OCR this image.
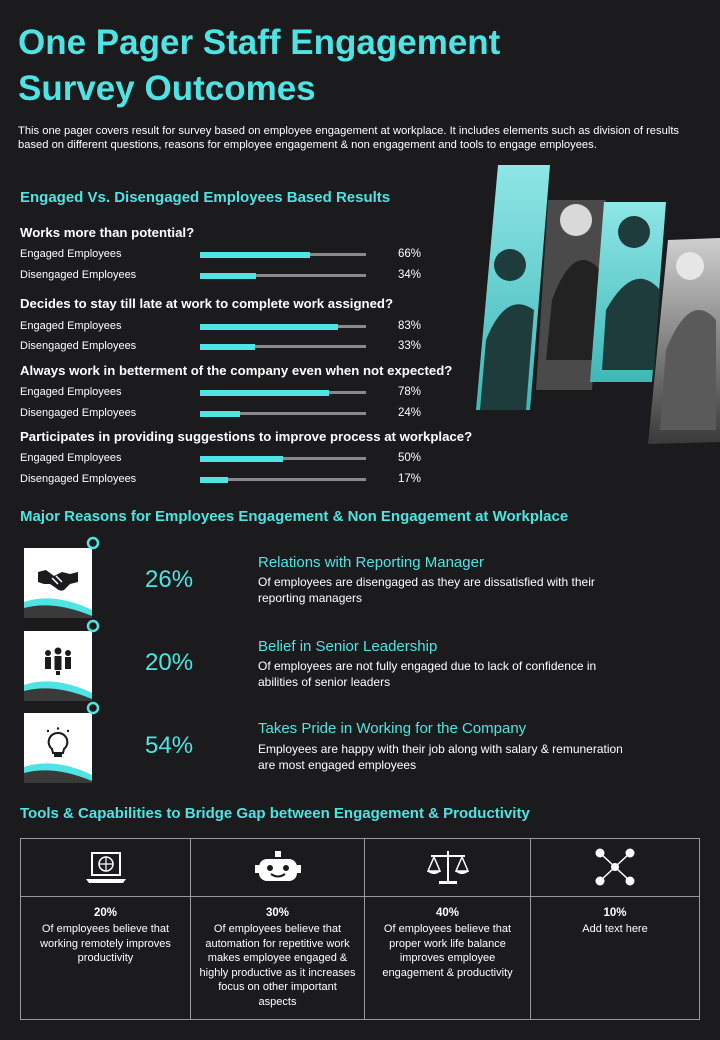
One Pager Staff Engagement Survey Outcomes

This one pager covers result for survey based on employee engagement at workplace. It includes elements such as division of results based on different questions, reasons for employee engagement & non engagement and tools to engage employees.

Engaged Vs. Disengaged Employees Based Results

Works more than potential?

Engaged Employees	66%
Disengaged Employees	34%

Decides to stay till late at work to complete work assigned?

Engaged Employees	83%
Disengaged Employees	33%

Always work in betterment of the company even when not expected?

Engaged Employees	78%
Disengaged Employees	24%

Participates in providing suggestions to improve process at workplace?

Engaged Employees	50%
Disengaged Employees	17%
Major Reasons for Employees Engagement & Non Engagement at Workplace
26%
Relations with Reporting Manager
Of employees are disengaged as they are dissatisfied with their reporting managers
20%
Belief in Senior Leadership
Of employees are not fully engaged due to lack of confidence in abilities of senior leaders
54%
Takes Pride in Working for the Company
Employees are happy with their job along with salary & remuneration are most engaged employees
Tools & Capabilities to Bridge Gap between Engagement & Productivity
20%
Of employees believe that working remotely improves productivity
30%
Of employees believe that automation for repetitive work makes employee engaged & highly productive as it increases focus on other important aspects
40%
Of employees believe that proper work life balance improves employee engagement & productivity
10%
Add text here
